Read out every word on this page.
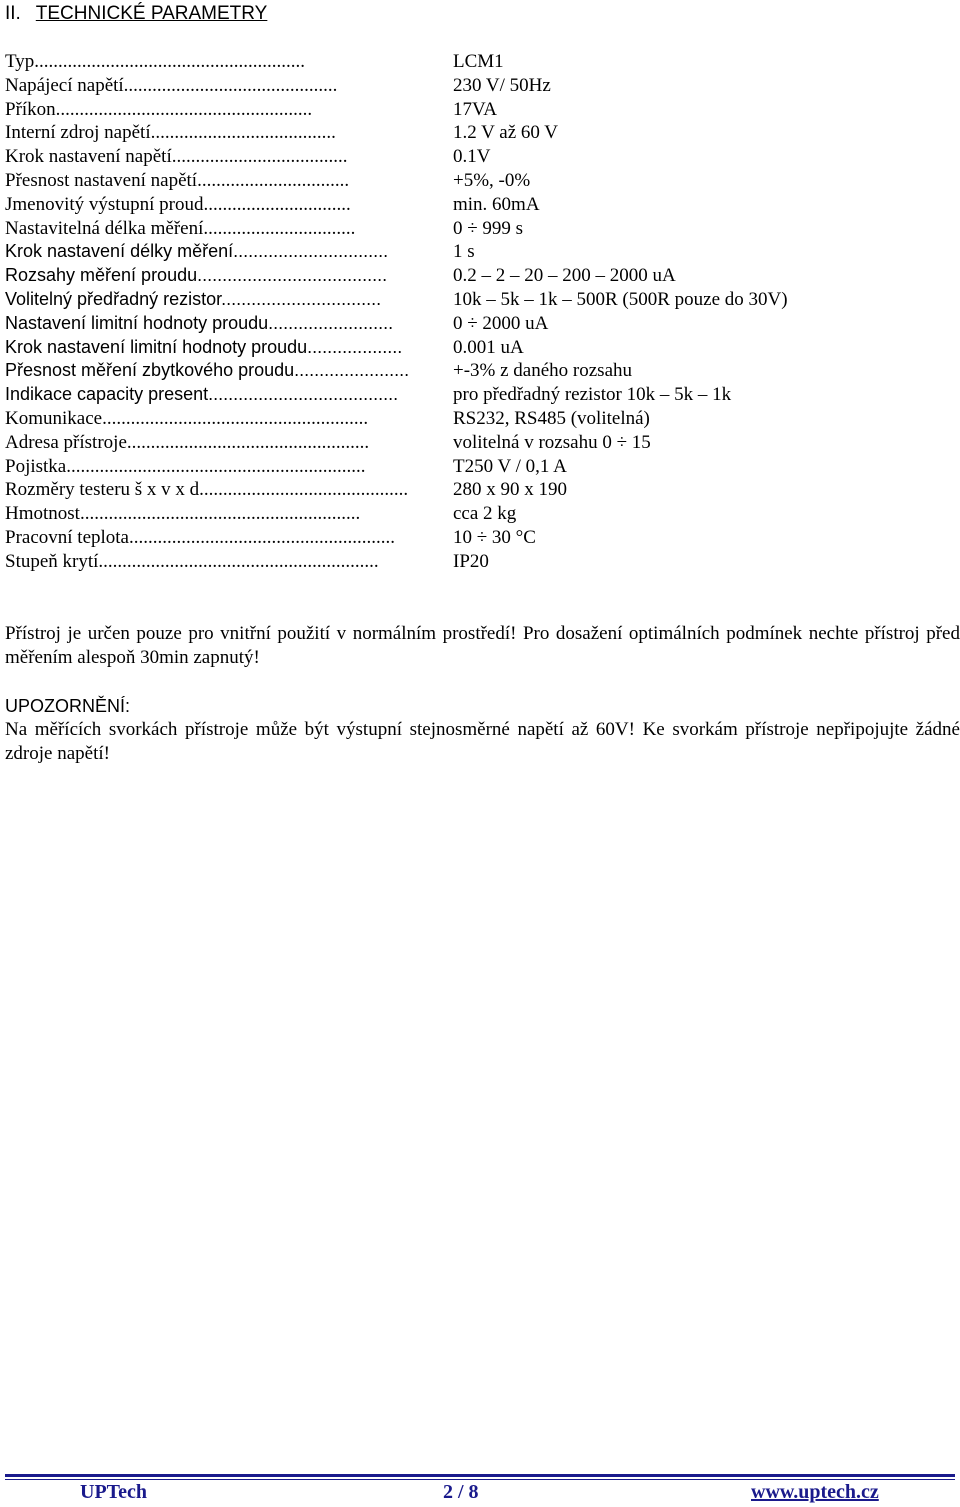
II. TECHNICKÉ PARAMETRY
Typ.........................................................	LCM1
Napájecí napětí.............................................	230 V/ 50Hz
Příkon......................................................	17VA
Interní zdroj napětí.......................................	1.2 V až 60 V
Krok nastavení napětí.....................................	0.1V
Přesnost nastavení napětí................................	+5%, -0%
Jmenovitý výstupní proud...............................	min. 60mA
Nastavitelná délka měření................................	0 ÷ 999 s
Krok nastavení délky měření...............................	1 s
Rozsahy měření proudu......................................	0.2 – 2 – 20 – 200 – 2000 uA
Volitelný předřadný rezistor................................	10k – 5k – 1k – 500R (500R pouze do 30V)
Nastavení limitní hodnoty proudu.........................	0 ÷ 2000 uA
Krok nastavení limitní hodnoty proudu...................	0.001 uA
Přesnost měření zbytkového proudu....................... +-3% z daného rozsahu
Indikace capacity present......................................	pro předřadný rezistor 10k – 5k – 1k
Komunikace........................................................	RS232, RS485 (volitelná)
Adresa přístroje...................................................	volitelná v rozsahu 0 ÷ 15
Pojistka...............................................................	T250 V / 0,1 A
Rozměry testeru š x v x d............................................ 280 x 90 x 190
Hmotnost...........................................................	cca 2 kg
Pracovní teplota........................................................	10 ÷ 30 °C
Stupeň krytí...........................................................	IP20
Přístroj je určen pouze pro vnitřní použití v normálním prostředí! Pro dosažení optimálních podmínek nechte přístroj před měřením alespoň 30min zapnutý!
UPOZORNĚNÍ:
Na měřících svorkách přístroje může být výstupní stejnosměrné napětí až 60V! Ke svorkám přístroje nepřipojujte žádné zdroje napětí!
UPTech	2 / 8	www.uptech.cz
